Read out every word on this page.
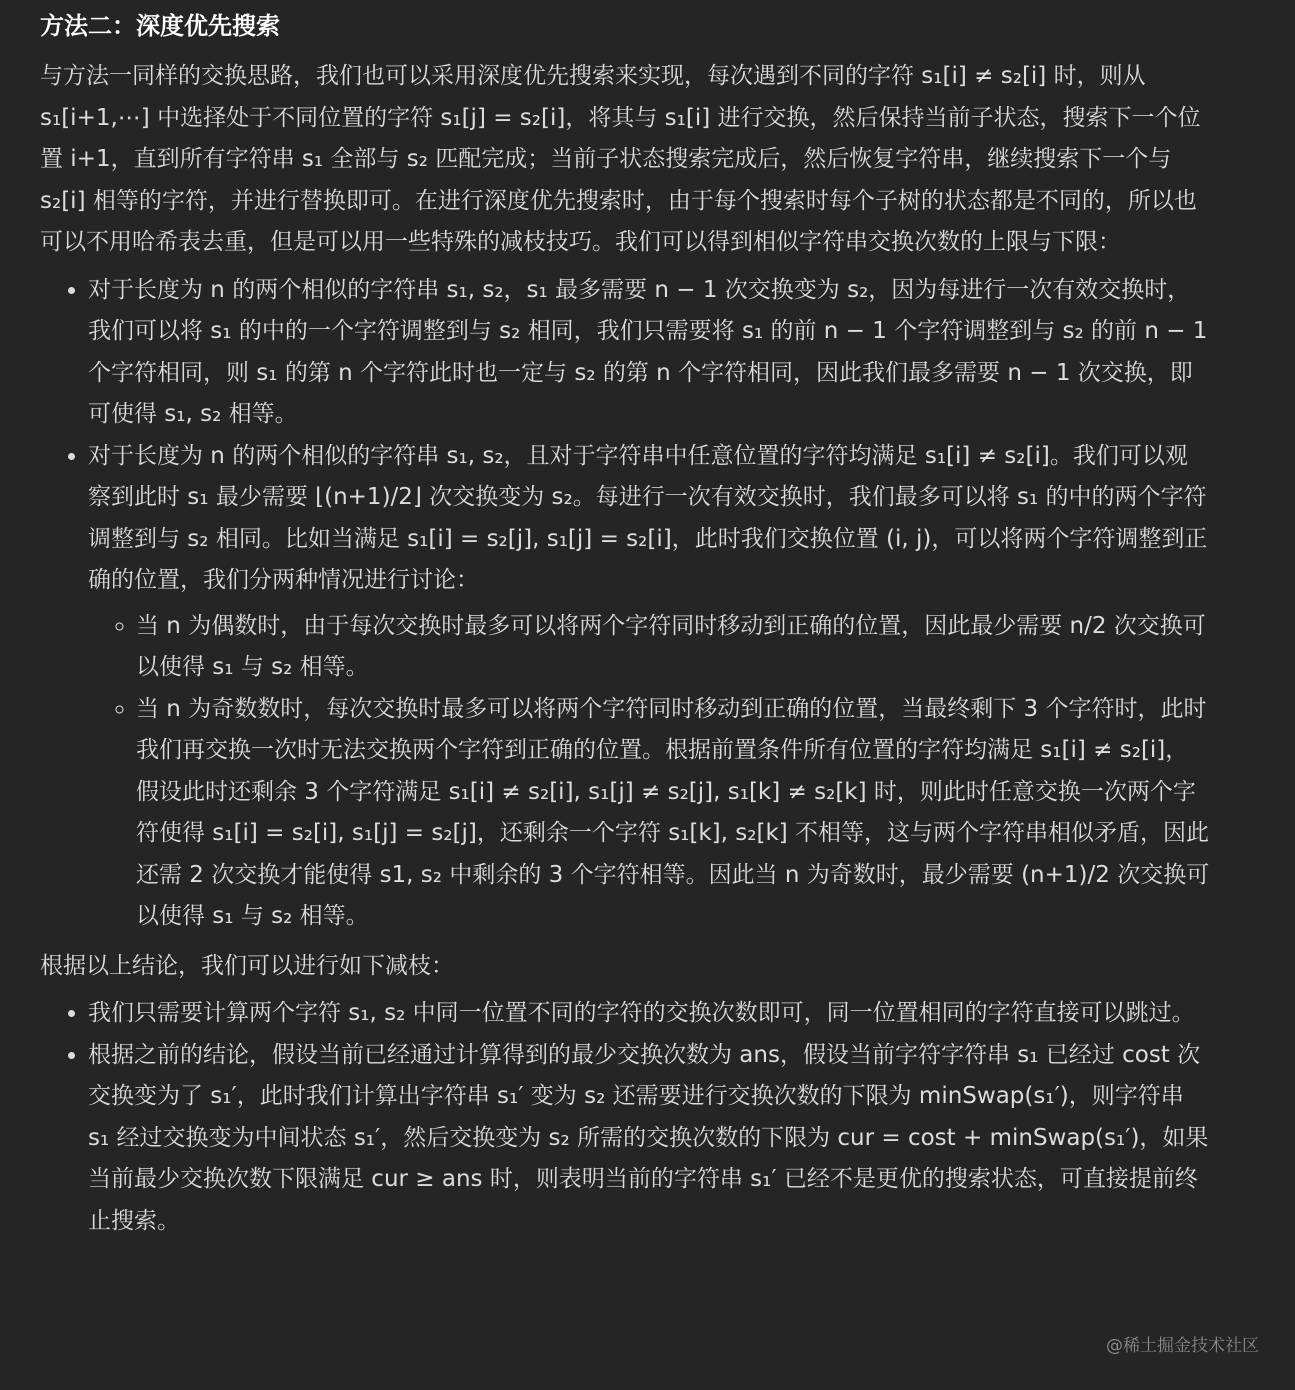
方法二：深度优先搜索

与方法一同样的交换思路，我们也可以采用深度优先搜索来实现，每次遇到不同的字符 s₁[i] ≠ s₂[i] 时，则从 s₁[i+1,⋯] 中选择处于不同位置的字符 s₁[j] = s₂[i]，将其与 s₁[i] 进行交换，然后保持当前子状态，搜索下一个位置 i+1，直到所有字符串 s₁ 全部与 s₂ 匹配完成；当前子状态搜索完成后，然后恢复字符串，继续搜索下一个与 s₂[i] 相等的字符，并进行替换即可。在进行深度优先搜索时，由于每个搜索时每个子树的状态都是不同的，所以也可以不用哈希表去重，但是可以用一些特殊的减枝技巧。我们可以得到相似字符串交换次数的上限与下限：

• 对于长度为 n 的两个相似的字符串 s₁, s₂，s₁ 最多需要 n − 1 次交换变为 s₂，因为每进行一次有效交换时，我们可以将 s₁ 的中的一个字符调整到与 s₂ 相同，我们只需要将 s₁ 的前 n − 1 个字符调整到与 s₂ 的前 n − 1 个字符相同，则 s₁ 的第 n 个字符此时也一定与 s₂ 的第 n 个字符相同，因此我们最多需要 n − 1 次交换，即可使得 s₁, s₂ 相等。
• 对于长度为 n 的两个相似的字符串 s₁, s₂，且对于字符串中任意位置的字符均满足 s₁[i] ≠ s₂[i]。我们可以观察到此时 s₁ 最少需要 ⌊(n+1)/2⌋ 次交换变为 s₂。每进行一次有效交换时，我们最多可以将 s₁ 的中的两个字符调整到与 s₂ 相同。比如当满足 s₁[i] = s₂[j], s₁[j] = s₂[i]，此时我们交换位置 (i, j)，可以将两个字符调整到正确的位置，我们分两种情况进行讨论：
◦ 当 n 为偶数时，由于每次交换时最多可以将两个字符同时移动到正确的位置，因此最少需要 n/2 次交换可以使得 s₁ 与 s₂ 相等。
◦ 当 n 为奇数数时，每次交换时最多可以将两个字符同时移动到正确的位置，当最终剩下 3 个字符时，此时我们再交换一次时无法交换两个字符到正确的位置。根据前置条件所有位置的字符均满足 s₁[i] ≠ s₂[i]，假设此时还剩余 3 个字符满足 s₁[i] ≠ s₂[i], s₁[j] ≠ s₂[j], s₁[k] ≠ s₂[k] 时，则此时任意交换一次两个字符使得 s₁[i] = s₂[i], s₁[j] = s₂[j]，还剩余一个字符 s₁[k], s₂[k] 不相等，这与两个字符串相似矛盾，因此还需 2 次交换才能使得 s1, s₂ 中剩余的 3 个字符相等。因此当 n 为奇数时，最少需要 (n+1)/2 次交换可以使得 s₁ 与 s₂ 相等。

根据以上结论，我们可以进行如下减枝：

• 我们只需要计算两个字符 s₁, s₂ 中同一位置不同的字符的交换次数即可，同一位置相同的字符直接可以跳过。
• 根据之前的结论，假设当前已经通过计算得到的最少交换次数为 ans，假设当前字符字符串 s₁ 已经过 cost 次交换变为了 s₁′，此时我们计算出字符串 s₁′ 变为 s₂ 还需要进行交换次数的下限为 minSwap(s₁′)，则字符串 s₁ 经过交换变为中间状态 s₁′，然后交换变为 s₂ 所需的交换次数的下限为 cur = cost + minSwap(s₁′)，如果当前最少交换次数下限满足 cur ≥ ans 时，则表明当前的字符串 s₁′ 已经不是更优的搜索状态，可直接提前终止搜索。
@稀土掘金技术社区
